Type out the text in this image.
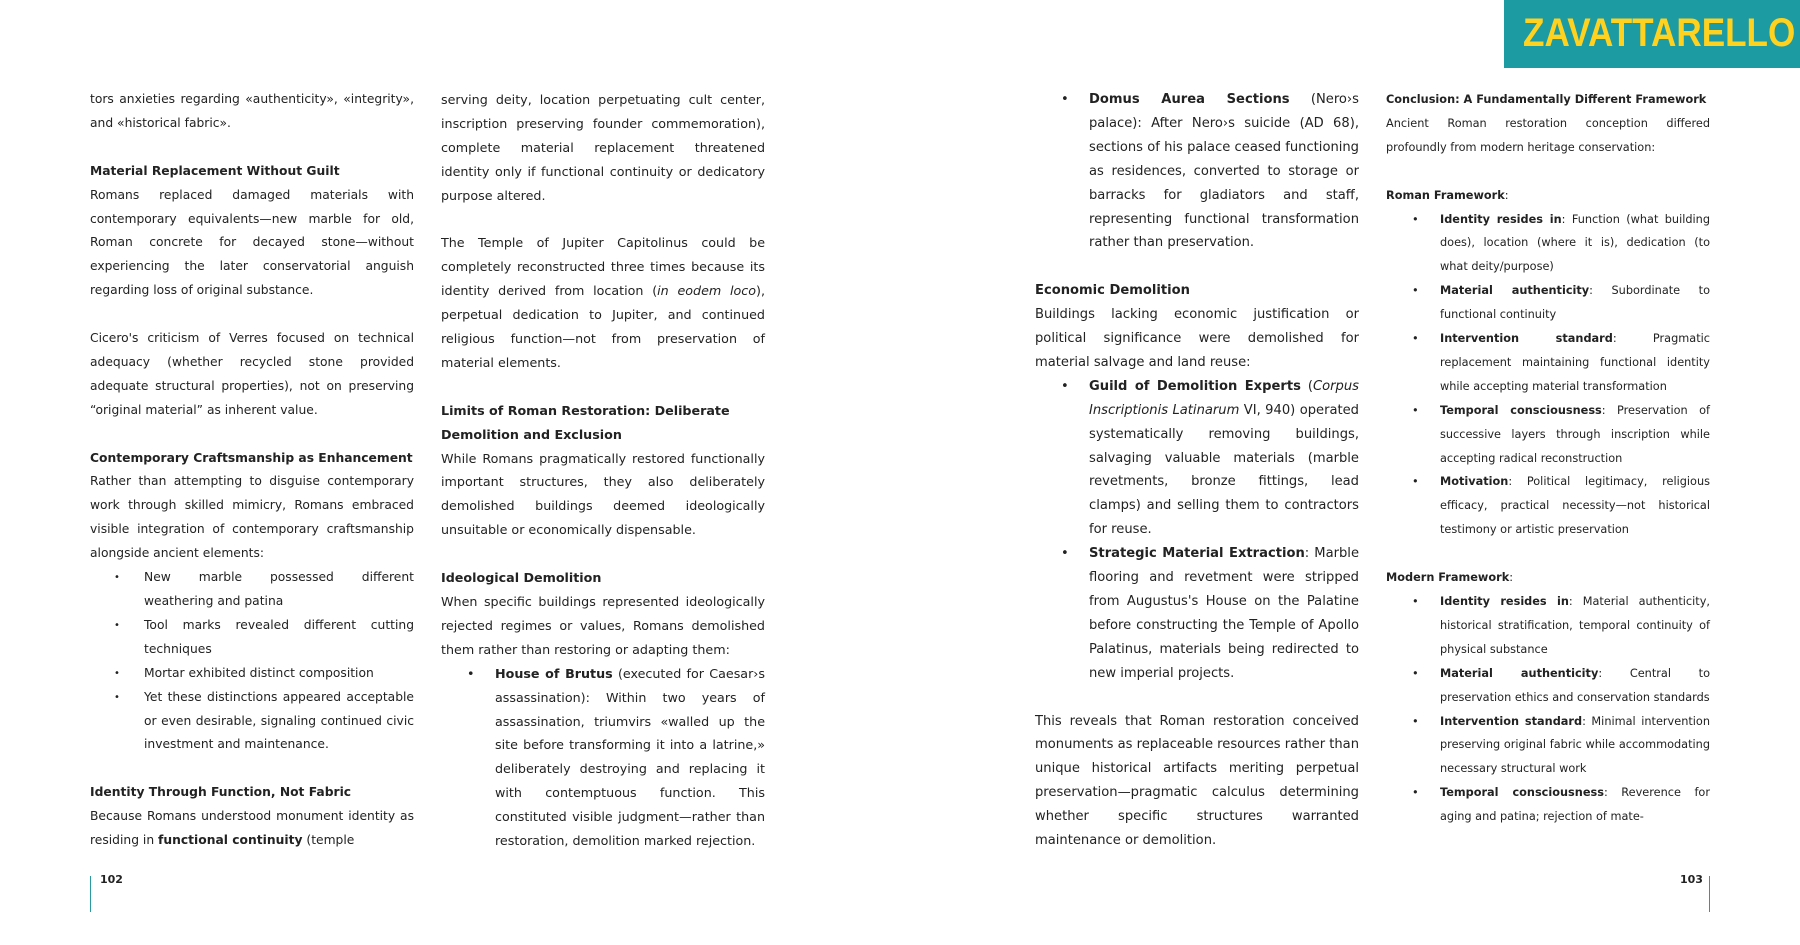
ZAVATTARELLO

tors anxieties regarding «authenticity», «integrity», and «historical fabric».

Material Replacement Without Guilt

Romans replaced damaged materials with contemporary equivalents—new marble for old, Roman concrete for decayed stone—without experiencing the later conservatorial anguish regarding loss of original substance.

Cicero's criticism of Verres focused on technical adequacy (whether recycled stone provided adequate structural properties), not on preserving “original material” as inherent value.

Contemporary Craftsmanship as Enhancement

Rather than attempting to disguise contemporary work through skilled mimicry, Romans embraced visible integration of contemporary craftsmanship alongside ancient elements:

• New marble possessed different weathering and patina
• Tool marks revealed different cutting techniques
• Mortar exhibited distinct composition
• Yet these distinctions appeared acceptable or even desirable, signaling continued civic investment and maintenance.

Identity Through Function, Not Fabric

Because Romans understood monument identity as residing in functional continuity (temple

serving deity, location perpetuating cult center, inscription preserving founder commemoration), complete material replacement threatened identity only if functional continuity or dedicatory purpose altered.

The Temple of Jupiter Capitolinus could be completely reconstructed three times because its identity derived from location (in eodem loco), perpetual dedication to Jupiter, and continued religious function—not from preservation of material elements.

Limits of Roman Restoration: Deliberate Demolition and Exclusion

While Romans pragmatically restored functionally important structures, they also deliberately demolished buildings deemed ideologically unsuitable or economically dispensable.

Ideological Demolition

When specific buildings represented ideologically rejected regimes or values, Romans demolished them rather than restoring or adapting them:

• House of Brutus (executed for Caesar›s assassination): Within two years of assassination, triumvirs «walled up the site before transforming it into a latrine,» deliberately destroying and replacing it with contemptuous function. This constituted visible judgment—rather than restoration, demolition marked rejection.
• Domus Aurea Sections (Nero›s palace): After Nero›s suicide (AD 68), sections of his palace ceased functioning as residences, converted to storage or barracks for gladiators and staff, representing functional transformation rather than preservation.

Economic Demolition

Buildings lacking economic justification or political significance were demolished for material salvage and land reuse:

• Guild of Demolition Experts (Corpus Inscriptionis Latinarum VI, 940) operated systematically removing buildings, salvaging valuable materials (marble revetments, bronze fittings, lead clamps) and selling them to contractors for reuse.
• Strategic Material Extraction: Marble flooring and revetment were stripped from Augustus's House on the Palatine before constructing the Temple of Apollo Palatinus, materials being redirected to new imperial projects.

This reveals that Roman restoration conceived monuments as replaceable resources rather than unique historical artifacts meriting perpetual preservation—pragmatic calculus determining whether specific structures warranted maintenance or demolition.

Conclusion: A Fundamentally Different Framework

Ancient Roman restoration conception differed profoundly from modern heritage conservation:

Roman Framework:

• Identity resides in: Function (what building does), location (where it is), dedication (to what deity/purpose)
• Material authenticity: Subordinate to functional continuity
• Intervention standard: Pragmatic replacement maintaining functional identity while accepting material transformation
• Temporal consciousness: Preservation of successive layers through inscription while accepting radical reconstruction
• Motivation: Political legitimacy, religious efficacy, practical necessity—not historical testimony or artistic preservation

Modern Framework:

• Identity resides in: Material authenticity, historical stratification, temporal continuity of physical substance
• Material authenticity: Central to preservation ethics and conservation standards
• Intervention standard: Minimal intervention preserving original fabric while accommodating necessary structural work
• Temporal consciousness: Reverence for aging and patina; rejection of mate-
102	103
